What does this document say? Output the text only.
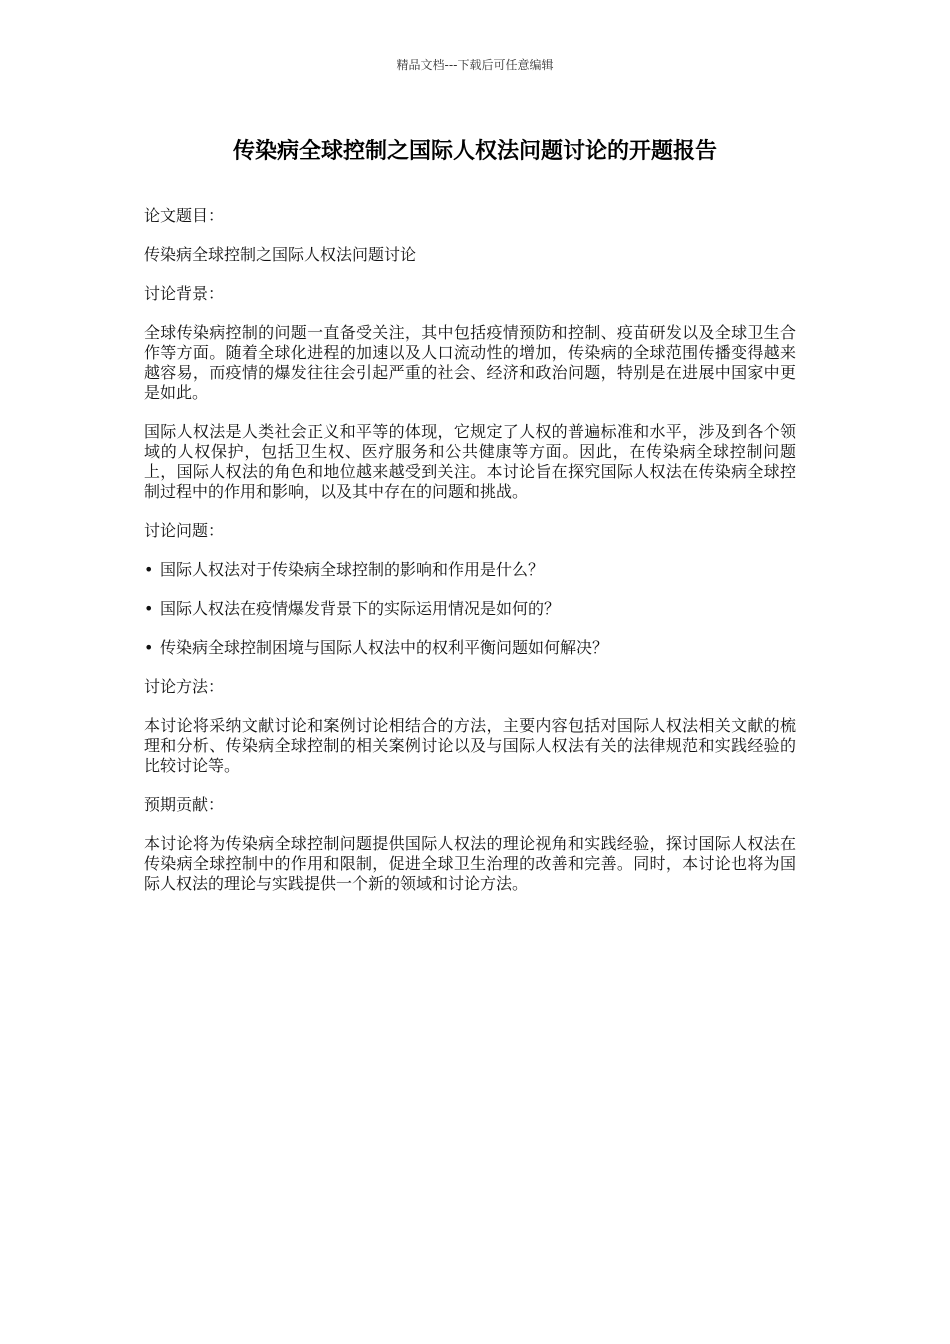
精品文档---下载后可任意编辑
传染病全球控制之国际人权法问题讨论的开题报告

论文题目：

传染病全球控制之国际人权法问题讨论

讨论背景：

全球传染病控制的问题一直备受关注，其中包括疫情预防和控制、疫苗研发以及全球卫生合作等方面。随着全球化进程的加速以及人口流动性的增加，传染病的全球范围传播变得越来越容易，而疫情的爆发往往会引起严重的社会、经济和政治问题，特别是在进展中国家中更是如此。

国际人权法是人类社会正义和平等的体现，它规定了人权的普遍标准和水平，涉及到各个领域的人权保护，包括卫生权、医疗服务和公共健康等方面。因此，在传染病全球控制问题上，国际人权法的角色和地位越来越受到关注。本讨论旨在探究国际人权法在传染病全球控制过程中的作用和影响，以及其中存在的问题和挑战。

讨论问题：

• 国际人权法对于传染病全球控制的影响和作用是什么？
• 国际人权法在疫情爆发背景下的实际运用情况是如何的？
• 传染病全球控制困境与国际人权法中的权利平衡问题如何解决？

讨论方法：

本讨论将采纳文献讨论和案例讨论相结合的方法，主要内容包括对国际人权法相关文献的梳理和分析、传染病全球控制的相关案例讨论以及与国际人权法有关的法律规范和实践经验的比较讨论等。

预期贡献：

本讨论将为传染病全球控制问题提供国际人权法的理论视角和实践经验，探讨国际人权法在传染病全球控制中的作用和限制，促进全球卫生治理的改善和完善。同时，本讨论也将为国际人权法的理论与实践提供一个新的领域和讨论方法。
